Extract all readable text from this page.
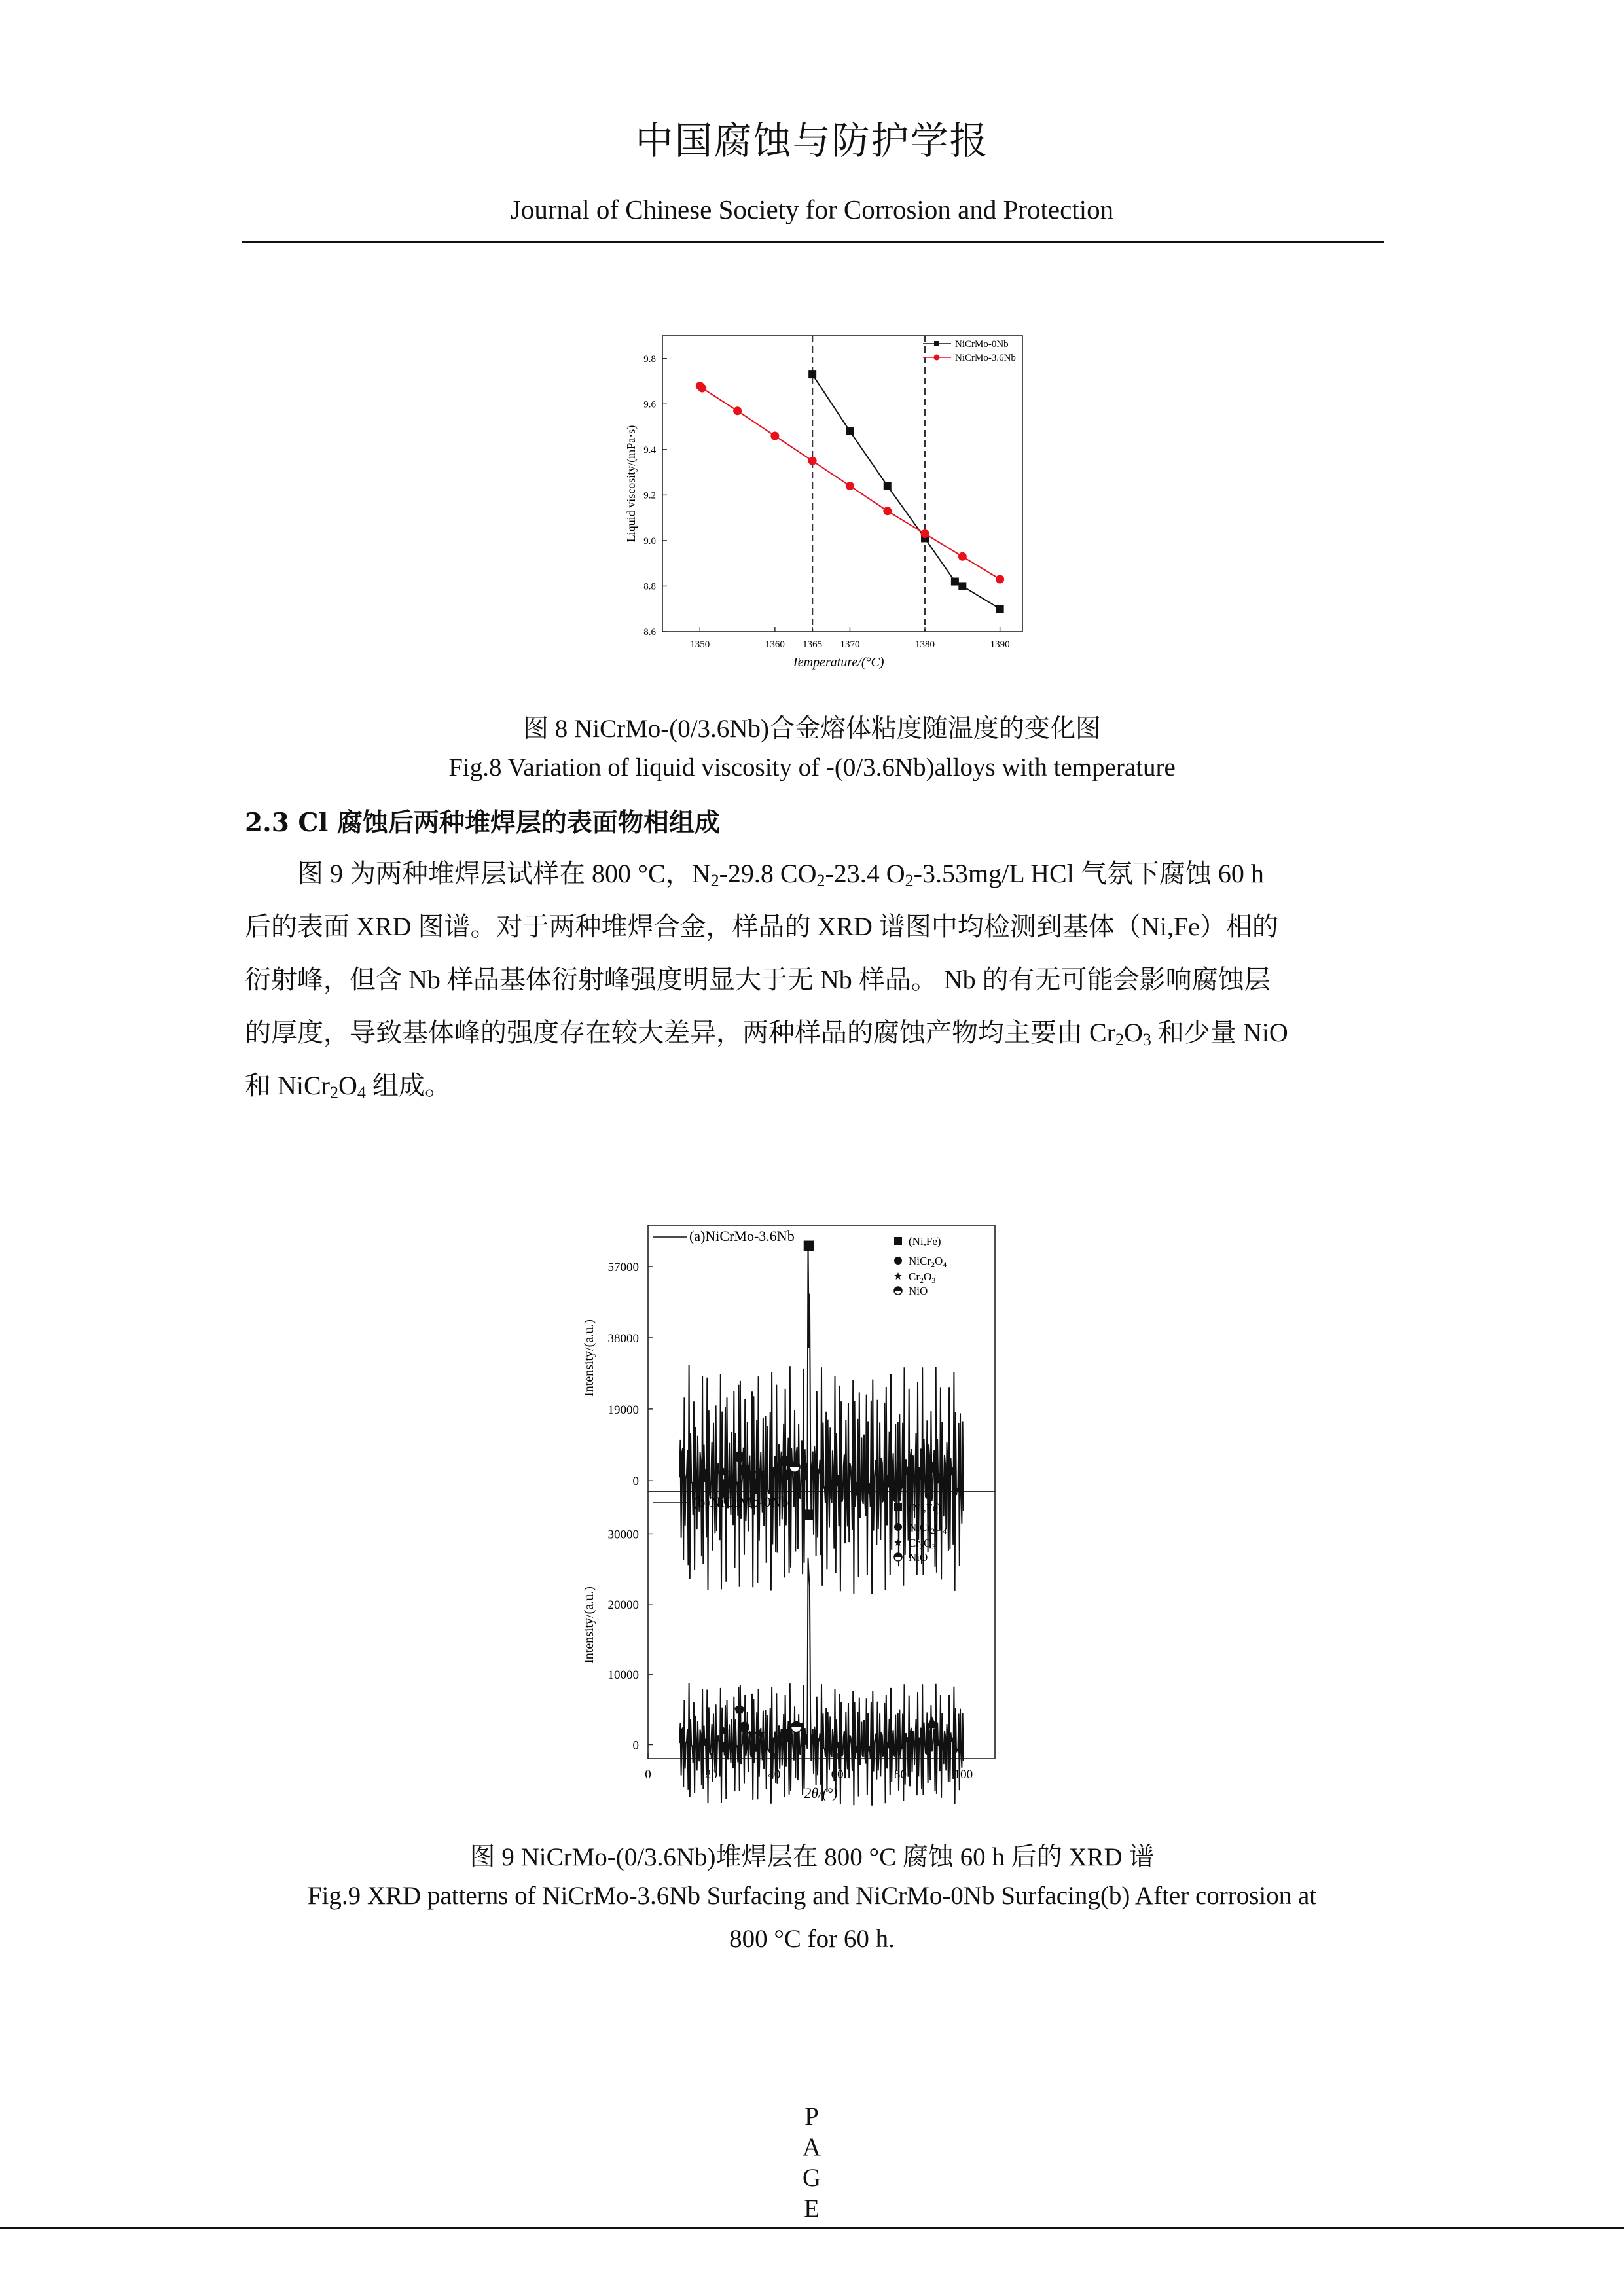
中国腐蚀与防护学报
Journal of Chinese Society for Corrosion and Protection
1350	1360 1365 1370	1380	1390
8.6
8.8
9.0
9.2
9.4
9.6
9.8
NiCrMo-0Nb
NiCrMo-3.6Nb
Temperature/(°C)
Liquid viscosity/(mPa·s)
图 8 NiCrMo-(0/3.6Nb)合金熔体粘度随温度的变化图
Fig.8 Variation of liquid viscosity of -(0/3.6Nb)alloys with temperature
2.3 Cl 腐蚀后两种堆焊层的表面物相组成
图 9 为两种堆焊层试样在 800 °C，$N_2-29.8$ $CO_2-23.4$ $O_2-3.53mg/L$ HCl 气氛下腐蚀 60 h
后的表面 XRD 图谱。对于两种堆焊合金，样品的 XRD 谱图中均检测到基体（Ni,Fe）相的
衍射峰，但含 Nb 样品基体衍射峰强度明显大于无 Nb 样品。 Nb 的有无可能会影响腐蚀层
的厚度，导致基体峰的强度存在较大差异，两种样品的腐蚀产物均主要由 $Cr_2O_3$ 和少量 NiO
和 $NiCr_2O_4$ 组成。
0
19000
38000
57000
0
10000
20000
30000
0	20	40	60	80	100
(a)NiCrMo-3.6Nb
(b)NiCrMo-0Nb
(Ni,Fe)
$NiCr_2O_4$
$Cr_2O_3$
NiO
(Ni,Fe)
$NiCr_2O_4$
$Cr_2O_3$
NiO
Intensity/(a.u.)
Intensity/(a.u.)
2θ/(°)
图 9 NiCrMo-(0/3.6Nb)堆焊层在 800 °C 腐蚀 60 h 后的 XRD 谱
Fig.9 XRD patterns of NiCrMo-3.6Nb Surfacing and NiCrMo-0Nb Surfacing(b) After corrosion at
800 °C for 60 h.
P
A
G
E
